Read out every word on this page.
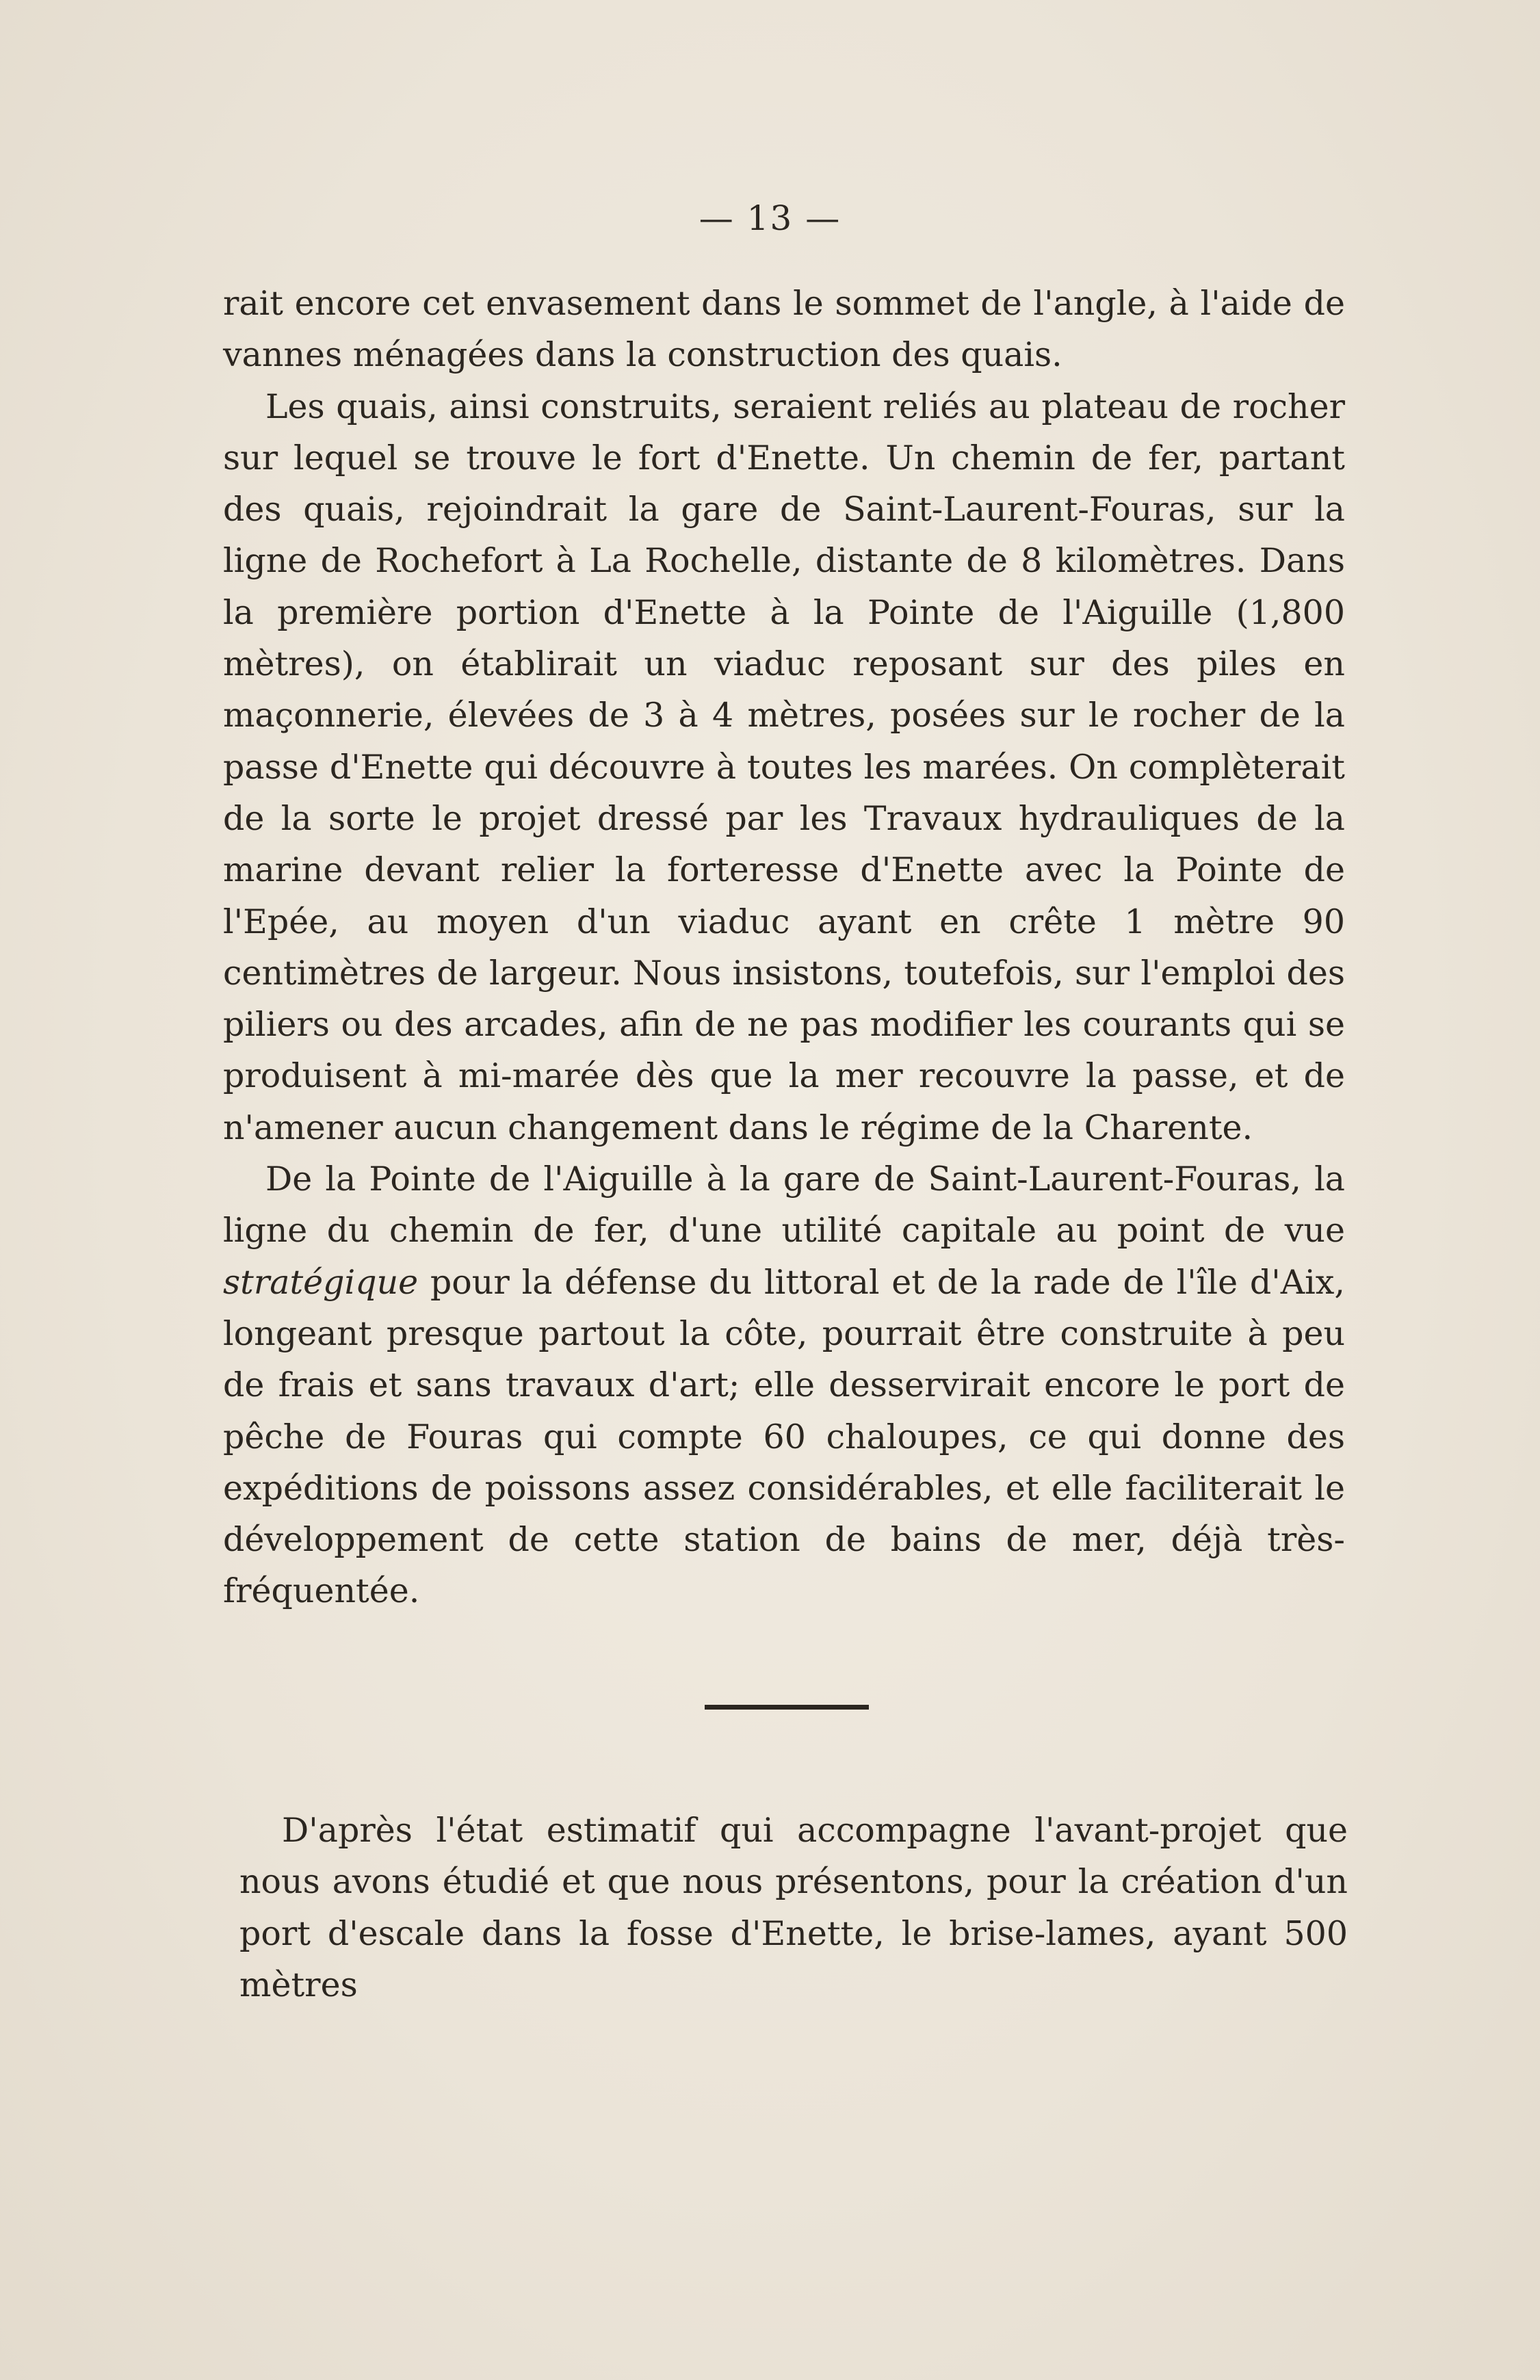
— 13 —

rait encore cet envasement dans le sommet de l'angle, à l'aide de vannes ménagées dans la construction des quais.

Les quais, ainsi construits, seraient reliés au plateau de rocher sur lequel se trouve le fort d'Enette. Un chemin de fer, partant des quais, rejoindrait la gare de Saint-Laurent-Fouras, sur la ligne de Rochefort à La Rochelle, distante de 8 kilomètres. Dans la première portion d'Enette à la Pointe de l'Aiguille (1,800 mètres), on établirait un viaduc reposant sur des piles en maçonnerie, élevées de 3 à 4 mètres, posées sur le rocher de la passe d'Enette qui découvre à toutes les marées. On complèterait de la sorte le projet dressé par les Travaux hydrauliques de la marine devant relier la forteresse d'Enette avec la Pointe de l'Epée, au moyen d'un viaduc ayant en crête 1 mètre 90 centimètres de largeur. Nous insistons, toutefois, sur l'emploi des piliers ou des arcades, afin de ne pas modifier les courants qui se produisent à mi-marée dès que la mer recouvre la passe, et de n'amener aucun changement dans le régime de la Charente.

De la Pointe de l'Aiguille à la gare de Saint-Laurent-Fouras, la ligne du chemin de fer, d'une utilité capitale au point de vue stratégique pour la défense du littoral et de la rade de l'île d'Aix, longeant presque partout la côte, pourrait être construite à peu de frais et sans travaux d'art; elle desservirait encore le port de pêche de Fouras qui compte 60 chaloupes, ce qui donne des expéditions de poissons assez considérables, et elle faciliterait le développement de cette station de bains de mer, déjà très-fréquentée.

D'après l'état estimatif qui accompagne l'avant-projet que nous avons étudié et que nous présentons, pour la création d'un port d'escale dans la fosse d'Enette, le brise-lames, ayant 500 mètres
